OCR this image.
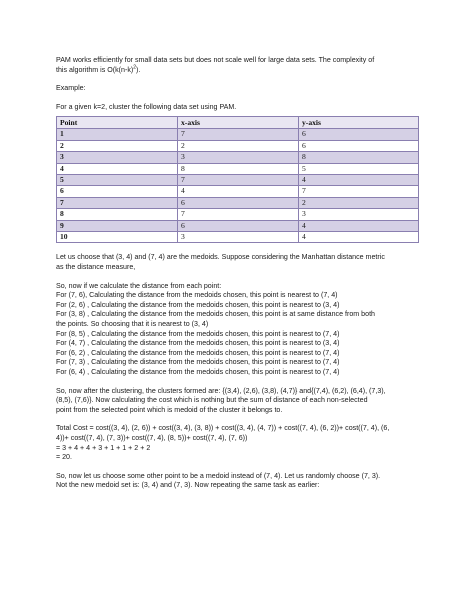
PAM works efficiently for small data sets but does not scale well for large data sets. The complexity of
this algorithm is $O(k(n-k)^2)$.

Example:

For a given k=2, cluster the following data set using PAM.

Point	x-axis	y-axis
1	7	6
2	2	6
3	3	8
4	8	5
5	7	4
6	4	7
7	6	2
8	7	3
9	6	4
10	3	4

Let us choose that (3, 4) and (7, 4) are the medoids. Suppose considering the Manhattan distance metric
as the distance measure,

So, now if we calculate the distance from each point:
For (7, 6), Calculating the distance from the medoids chosen, this point is nearest to (7, 4)
For (2, 6) , Calculating the distance from the medoids chosen, this point is nearest to (3, 4)
For (3, 8) , Calculating the distance from the medoids chosen, this point is at same distance from both
the points. So choosing that it is nearest to (3, 4)
For (8, 5) , Calculating the distance from the medoids chosen, this point is nearest to (7, 4)
For (4, 7) , Calculating the distance from the medoids chosen, this point is nearest to (3, 4)
For (6, 2) , Calculating the distance from the medoids chosen, this point is nearest to (7, 4)
For (7, 3) , Calculating the distance from the medoids chosen, this point is nearest to (7, 4)
For (6, 4) , Calculating the distance from the medoids chosen, this point is nearest to (7, 4)

So, now after the clustering, the clusters formed are: {(3,4), (2,6), (3,8), (4,7)} and{(7,4), (6,2), (6,4), (7,3),
(8,5), (7,6)}. Now calculating the cost which is nothing but the sum of distance of each non-selected
point from the selected point which is medoid of the cluster it belongs to.

Total Cost = cost((3, 4), (2, 6)) + cost((3, 4), (3, 8)) + cost((3, 4), (4, 7)) + cost((7, 4), (6, 2))+ cost((7, 4), (6,
4))+ cost((7, 4), (7, 3))+ cost((7, 4), (8, 5))+ cost((7, 4), (7, 6))
= 3 + 4 + 4 + 3 + 1 + 1 + 2 + 2
= 20.

So, now let us choose some other point to be a medoid instead of (7, 4). Let us randomly choose (7, 3).
Not the new medoid set is: (3, 4) and (7, 3). Now repeating the same task as earlier:
